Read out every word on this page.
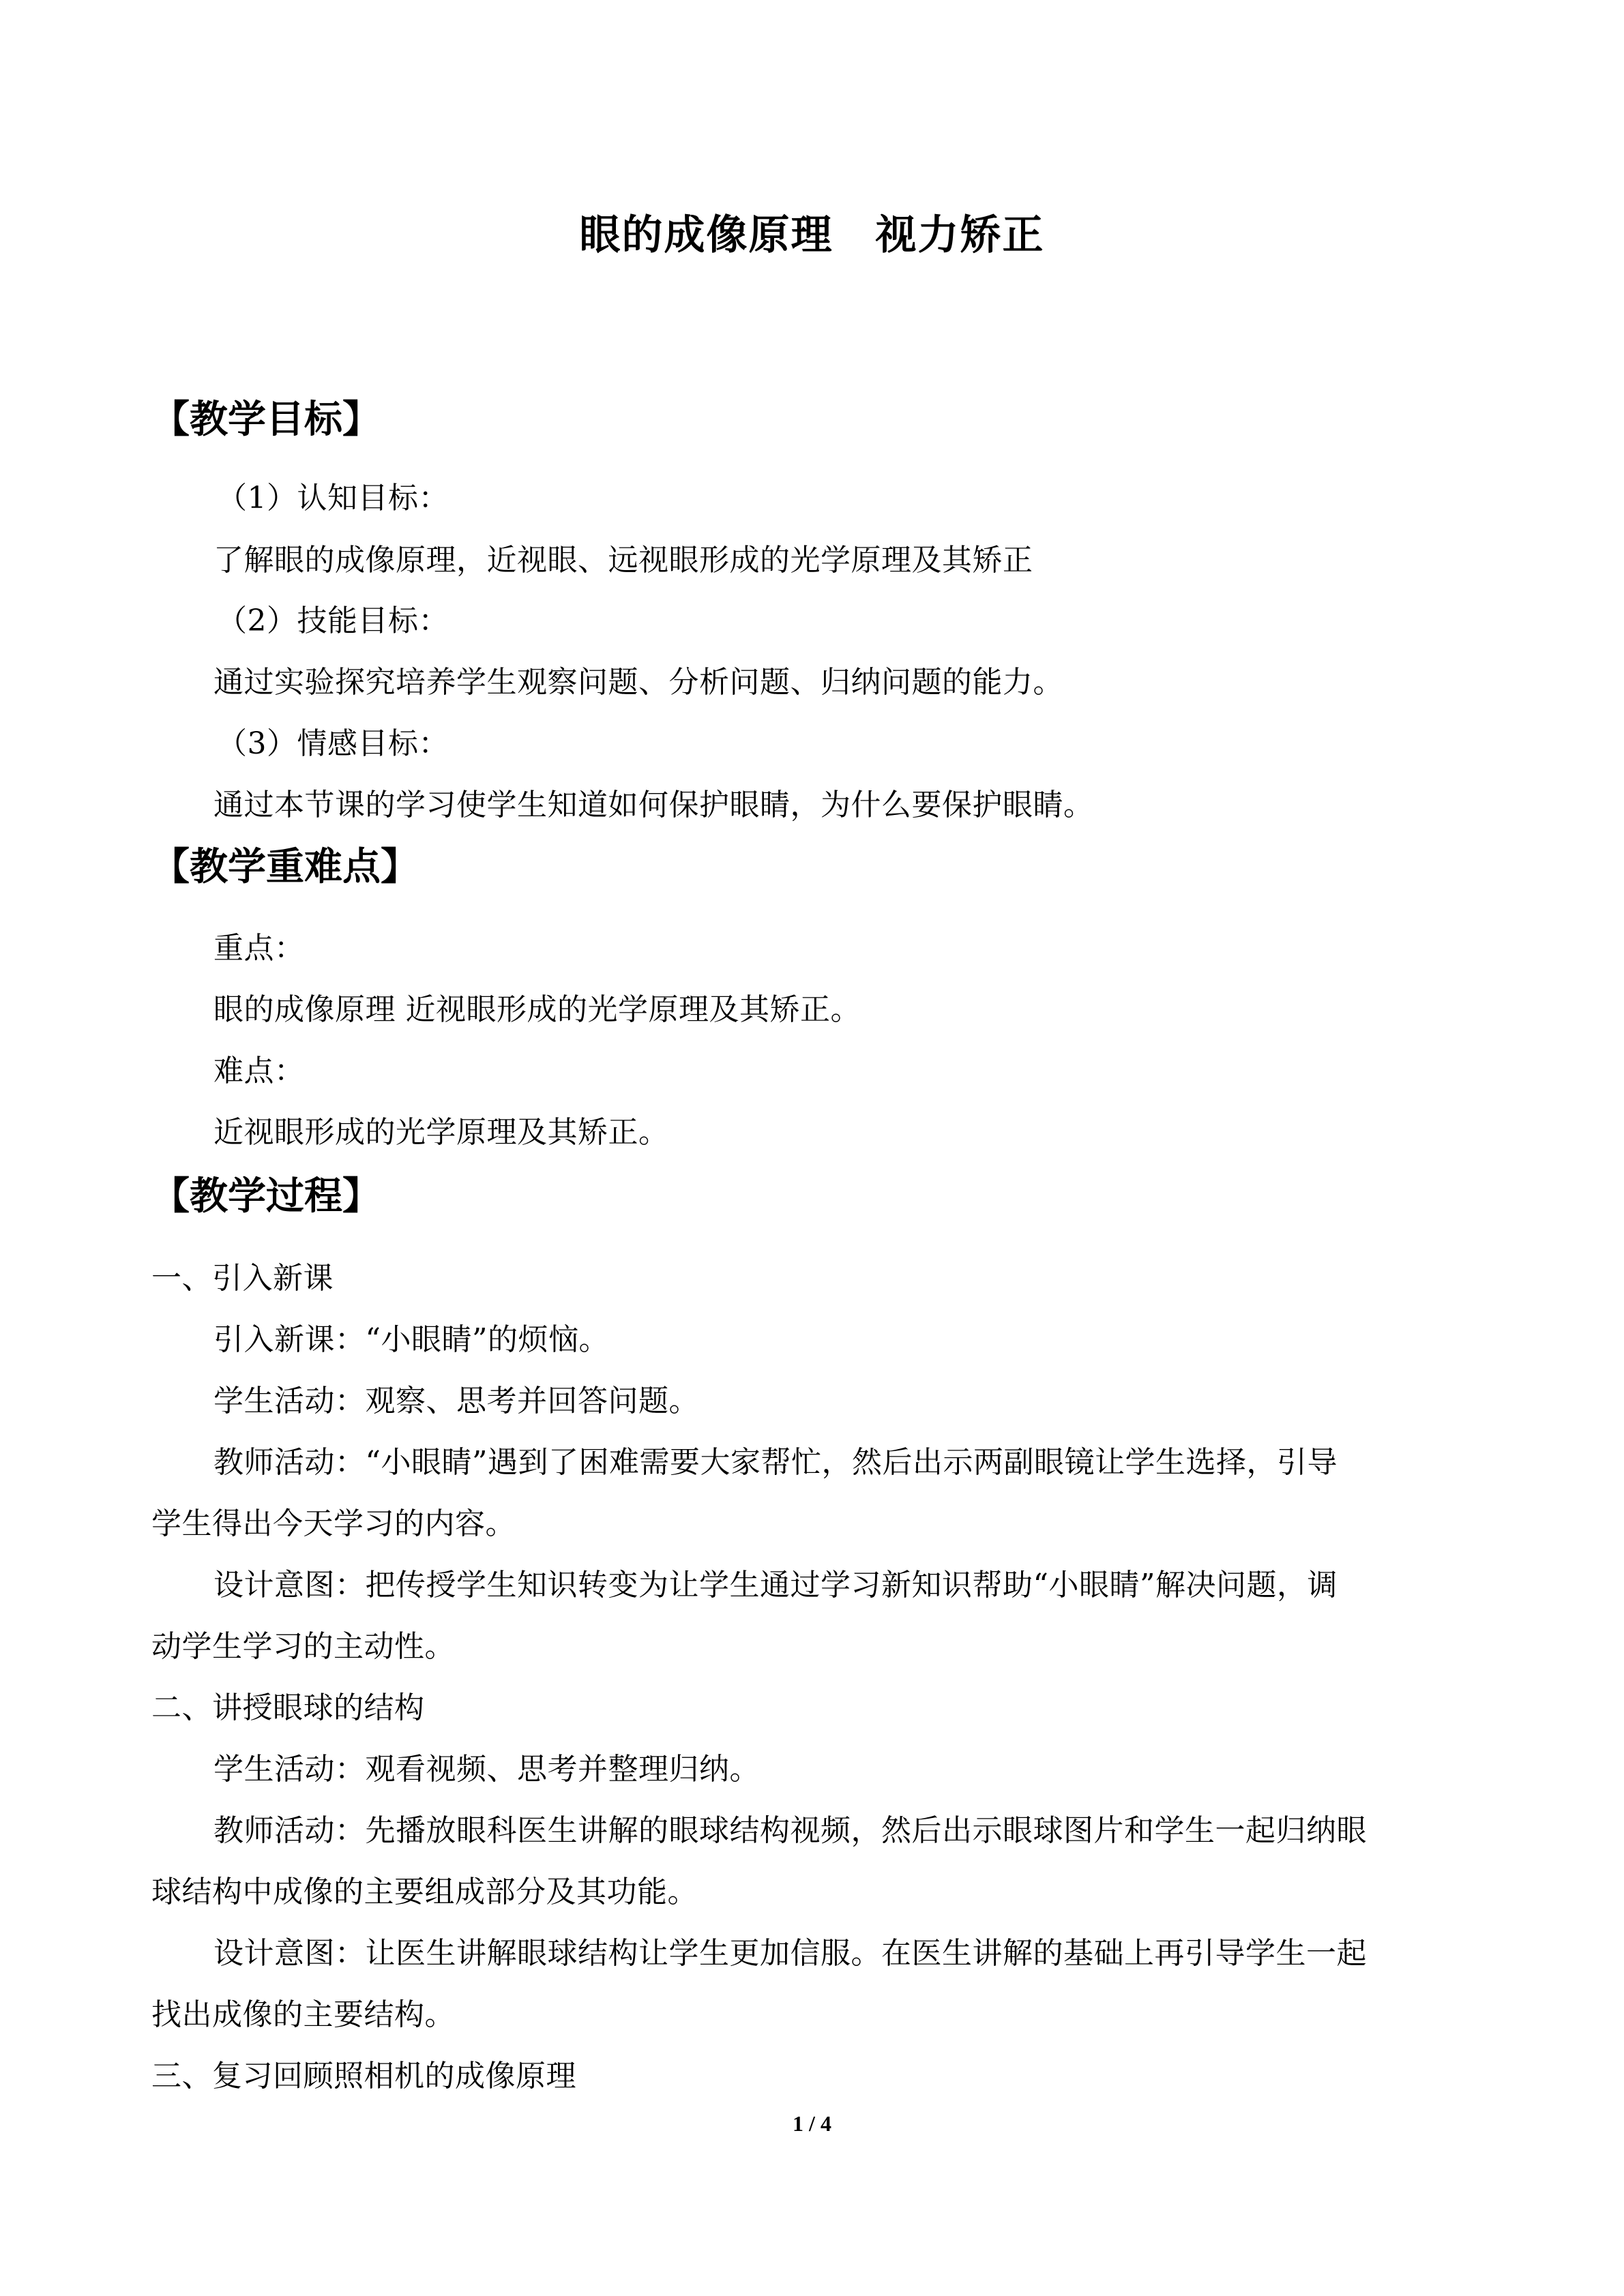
眼的成像原理　视力矫正
【教学目标】
（1）认知目标：
了解眼的成像原理，近视眼、远视眼形成的光学原理及其矫正
（2）技能目标：
通过实验探究培养学生观察问题、分析问题、归纳问题的能力。
（3）情感目标：
通过本节课的学习使学生知道如何保护眼睛，为什么要保护眼睛。
【教学重难点】
重点：
眼的成像原理 近视眼形成的光学原理及其矫正。
难点：
近视眼形成的光学原理及其矫正。
【教学过程】
一、引入新课
引入新课：“小眼睛”的烦恼。
学生活动：观察、思考并回答问题。
教师活动：“小眼睛”遇到了困难需要大家帮忙，然后出示两副眼镜让学生选择，引导
学生得出今天学习的内容。
设计意图：把传授学生知识转变为让学生通过学习新知识帮助“小眼睛”解决问题，调
动学生学习的主动性。
二、讲授眼球的结构
学生活动：观看视频、思考并整理归纳。
教师活动：先播放眼科医生讲解的眼球结构视频，然后出示眼球图片和学生一起归纳眼
球结构中成像的主要组成部分及其功能。
设计意图：让医生讲解眼球结构让学生更加信服。在医生讲解的基础上再引导学生一起
找出成像的主要结构。
三、复习回顾照相机的成像原理
1 / 4
